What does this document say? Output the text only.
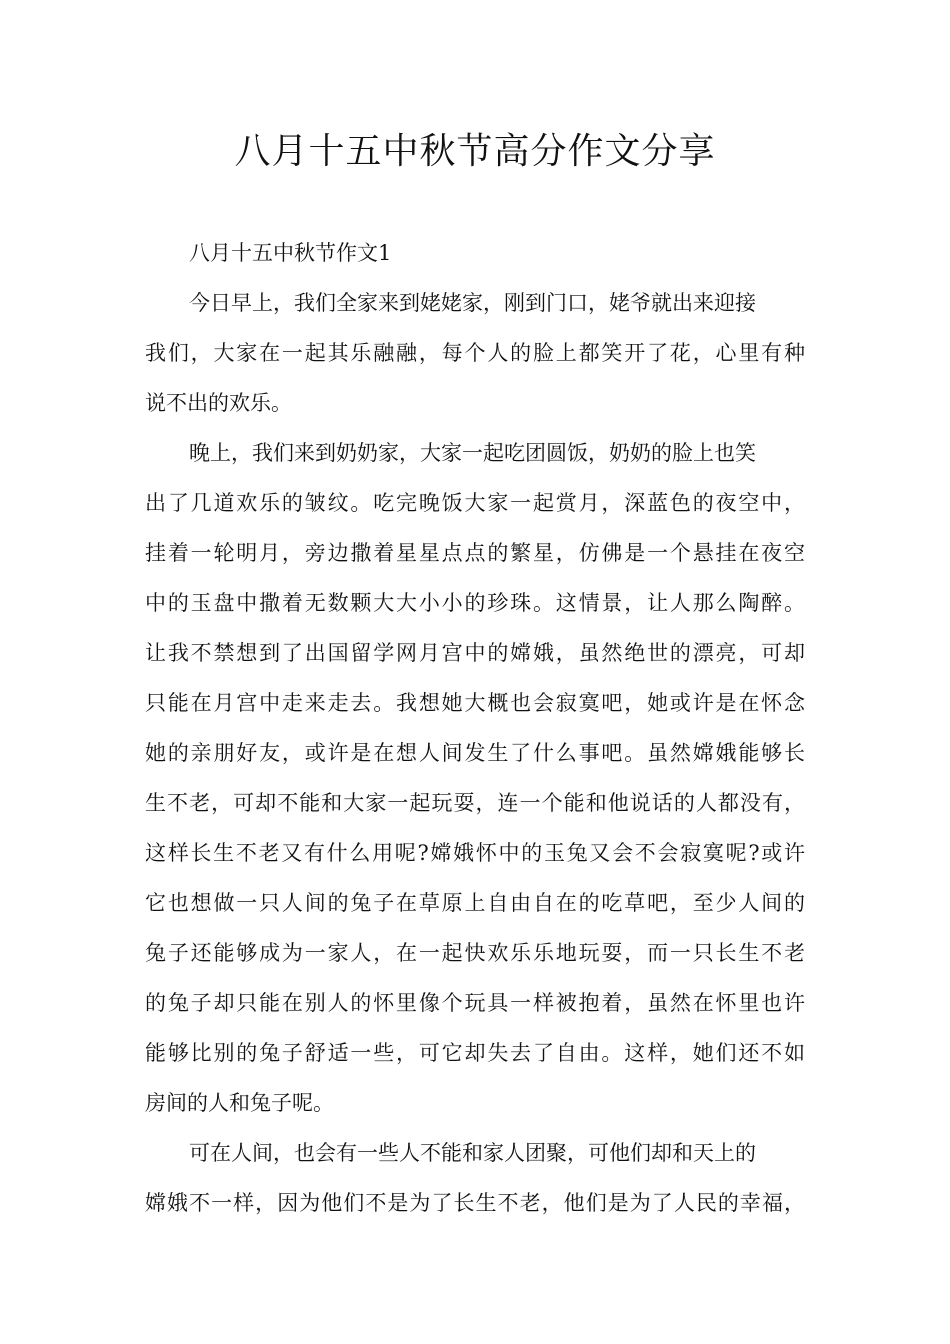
八月十五中秋节高分作文分享
八月十五中秋节作文1
今日早上，我们全家来到姥姥家，刚到门口，姥爷就出来迎接
我们，大家在一起其乐融融，每个人的脸上都笑开了花，心里有种
说不出的欢乐。
晚上，我们来到奶奶家，大家一起吃团圆饭，奶奶的脸上也笑
出了几道欢乐的皱纹。吃完晚饭大家一起赏月，深蓝色的夜空中，
挂着一轮明月，旁边撒着星星点点的繁星，仿佛是一个悬挂在夜空
中的玉盘中撒着无数颗大大小小的珍珠。这情景，让人那么陶醉。
让我不禁想到了出国留学网月宫中的嫦娥，虽然绝世的漂亮，可却
只能在月宫中走来走去。我想她大概也会寂寞吧，她或许是在怀念
她的亲朋好友，或许是在想人间发生了什么事吧。虽然嫦娥能够长
生不老，可却不能和大家一起玩耍，连一个能和他说话的人都没有，
这样长生不老又有什么用呢?嫦娥怀中的玉兔又会不会寂寞呢?或许
它也想做一只人间的兔子在草原上自由自在的吃草吧，至少人间的
兔子还能够成为一家人，在一起快欢乐乐地玩耍，而一只长生不老
的兔子却只能在别人的怀里像个玩具一样被抱着，虽然在怀里也许
能够比别的兔子舒适一些，可它却失去了自由。这样，她们还不如
房间的人和兔子呢。
可在人间，也会有一些人不能和家人团聚，可他们却和天上的
嫦娥不一样，因为他们不是为了长生不老，他们是为了人民的幸福，
